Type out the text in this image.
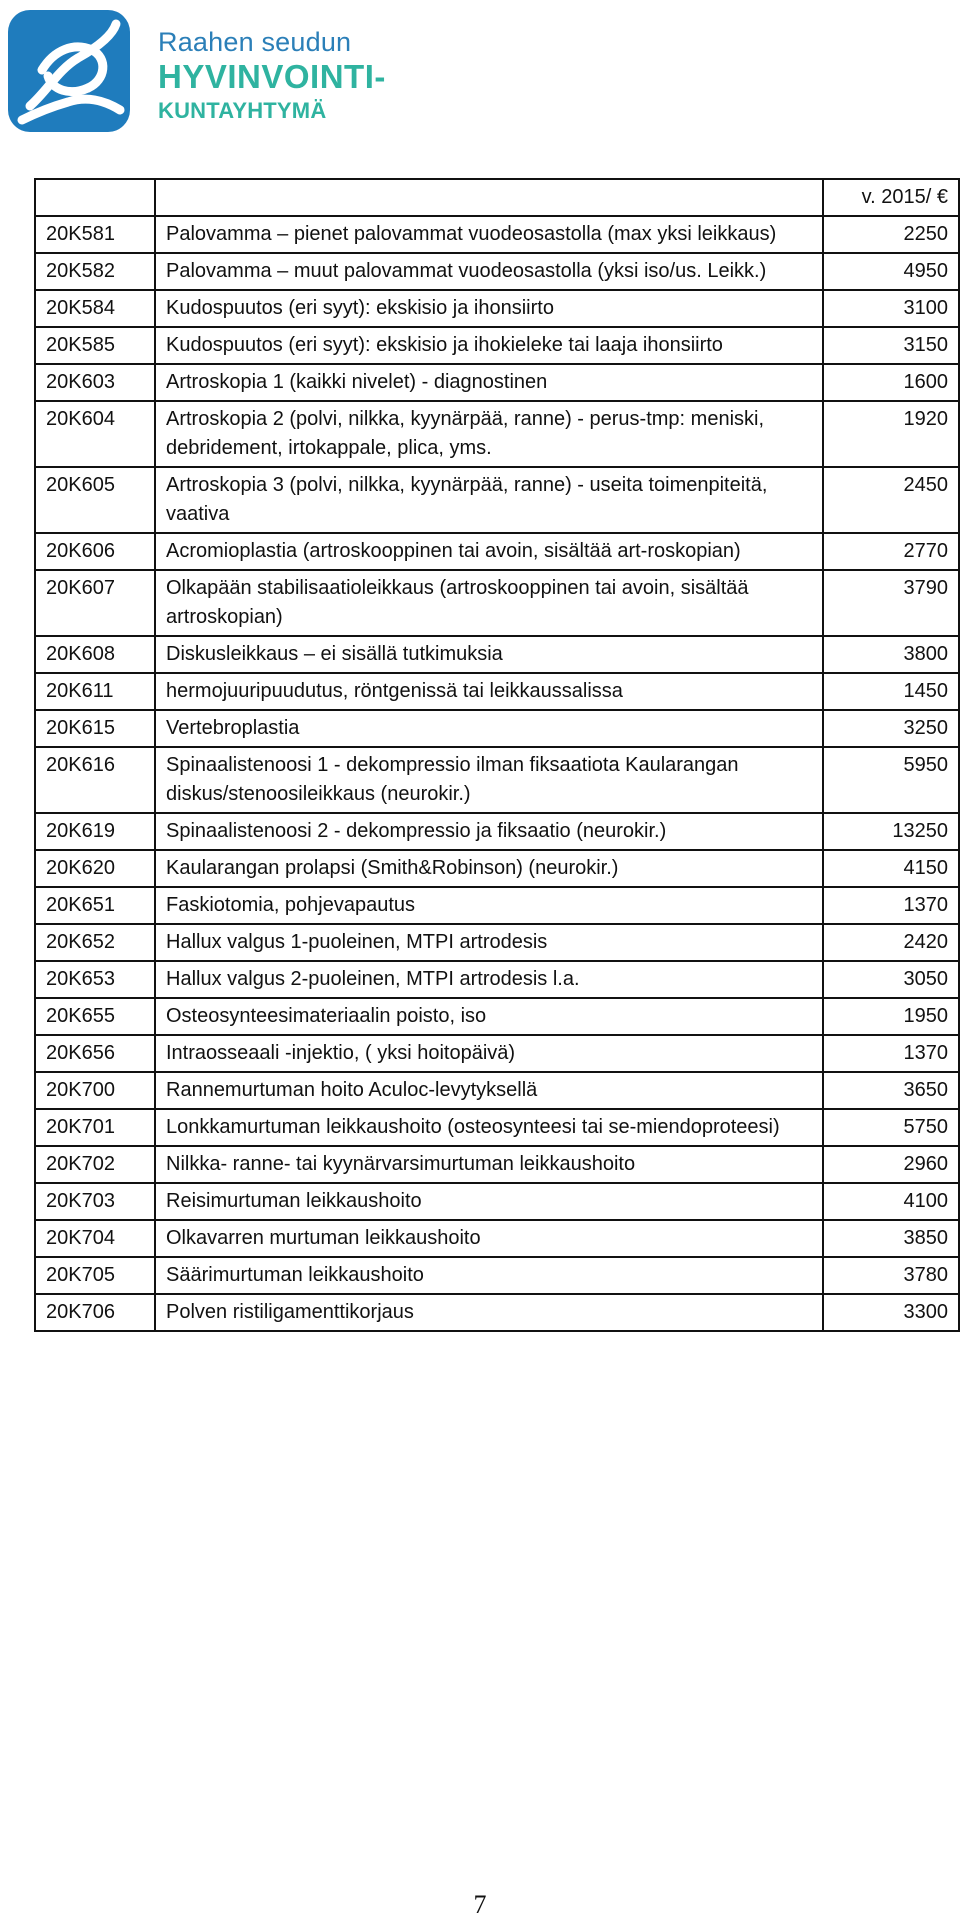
Raahen seudun
HYVINVOINTI-
KUNTAYHTYMÄ
		v. 2015/ €
20K581	Palovamma – pienet palovammat vuodeosastolla (max yksi leikkaus)	2250
20K582	Palovamma – muut palovammat vuodeosastolla (yksi iso/us. Leikk.)	4950
20K584	Kudospuutos (eri syyt): ekskisio ja ihonsiirto	3100
20K585	Kudospuutos (eri syyt): ekskisio ja ihokieleke tai laaja ihonsiirto	3150
20K603	Artroskopia 1 (kaikki nivelet) - diagnostinen	1600
20K604	Artroskopia 2 (polvi, nilkka, kyynärpää, ranne) - perus-tmp: meniski, debridement, irtokappale, plica, yms.	1920
20K605	Artroskopia 3 (polvi, nilkka, kyynärpää, ranne) - useita toimenpiteitä, vaativa	2450
20K606	Acromioplastia (artroskooppinen tai avoin, sisältää art-roskopian)	2770
20K607	Olkapään stabilisaatioleikkaus (artroskooppinen tai avoin, sisältää artroskopian)	3790
20K608	Diskusleikkaus – ei sisällä tutkimuksia	3800
20K611	hermojuuripuudutus, röntgenissä tai leikkaussalissa	1450
20K615	Vertebroplastia	3250
20K616	Spinaalistenoosi 1 - dekompressio ilman fiksaatiota Kaularangan diskus/stenoosileikkaus (neurokir.)	5950
20K619	Spinaalistenoosi 2 - dekompressio ja fiksaatio (neurokir.)	13250
20K620	Kaularangan prolapsi (Smith&Robinson) (neurokir.)	4150
20K651	Faskiotomia, pohjevapautus	1370
20K652	Hallux valgus 1-puoleinen, MTPI artrodesis	2420
20K653	Hallux valgus 2-puoleinen, MTPI artrodesis l.a.	3050
20K655	Osteosynteesimateriaalin poisto, iso	1950
20K656	Intraosseaali -injektio, ( yksi hoitopäivä)	1370
20K700	Rannemurtuman hoito Aculoc-levytyksellä	3650
20K701	Lonkkamurtuman leikkaushoito (osteosynteesi tai se-miendoproteesi)	5750
20K702	Nilkka- ranne- tai kyynärvarsimurtuman leikkaushoito	2960
20K703	Reisimurtuman leikkaushoito	4100
20K704	Olkavarren murtuman leikkaushoito	3850
20K705	Säärimurtuman leikkaushoito	3780
20K706	Polven ristiligamenttikorjaus	3300
7
